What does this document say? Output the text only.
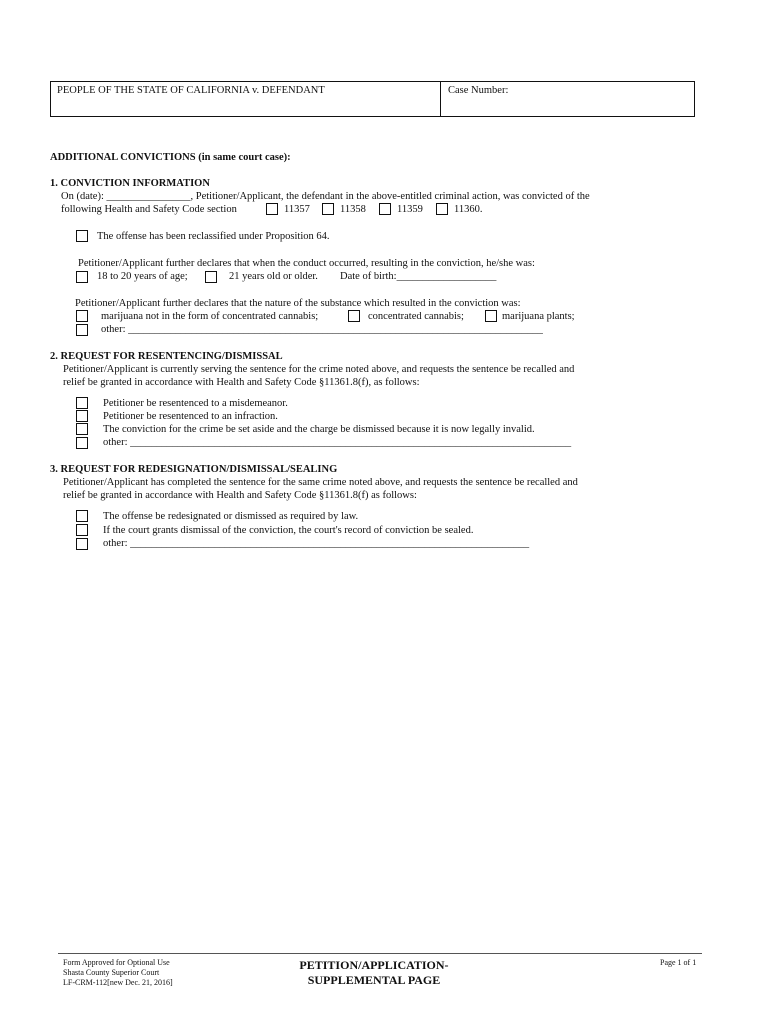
PEOPLE OF THE STATE OF CALIFORNIA v. DEFENDANT	Case Number:
ADDITIONAL CONVICTIONS (in same court case):
1. CONVICTION INFORMATION
On (date): ________________, Petitioner/Applicant, the defendant in the above-entitled criminal action, was convicted of the
following Health and Safety Code section	11357	11358	11359	11360.
The offense has been reclassified under Proposition 64.
Petitioner/Applicant further declares that when the conduct occurred, resulting in the conviction, he/she was:
18 to 20 years of age;	21 years old or older. Date of birth:___________________
Petitioner/Applicant further declares that the nature of the substance which resulted in the conviction was:
marijuana not in the form of concentrated cannabis;	concentrated cannabis;	marijuana plants;
other: _______________________________________________________________________________
2. REQUEST FOR RESENTENCING/DISMISSAL
Petitioner/Applicant is currently serving the sentence for the crime noted above, and requests the sentence be recalled and
relief be granted in accordance with Health and Safety Code §11361.8(f), as follows:
Petitioner be resentenced to a misdemeanor.
Petitioner be resentenced to an infraction.
The conviction for the crime be set aside and the charge be dismissed because it is now legally invalid.
other: ____________________________________________________________________________________
3. REQUEST FOR REDESIGNATION/DISMISSAL/SEALING
Petitioner/Applicant has completed the sentence for the same crime noted above, and requests the sentence be recalled and
relief be granted in accordance with Health and Safety Code §11361.8(f) as follows:
The offense be redesignated or dismissed as required by law.
If the court grants dismissal of the conviction, the court's record of conviction be sealed.
other: ____________________________________________________________________________
Form Approved for Optional Use
Shasta County Superior Court
LF-CRM-112[new Dec. 21, 2016]
PETITION/APPLICATION-
SUPPLEMENTAL PAGE
Page 1 of 1
